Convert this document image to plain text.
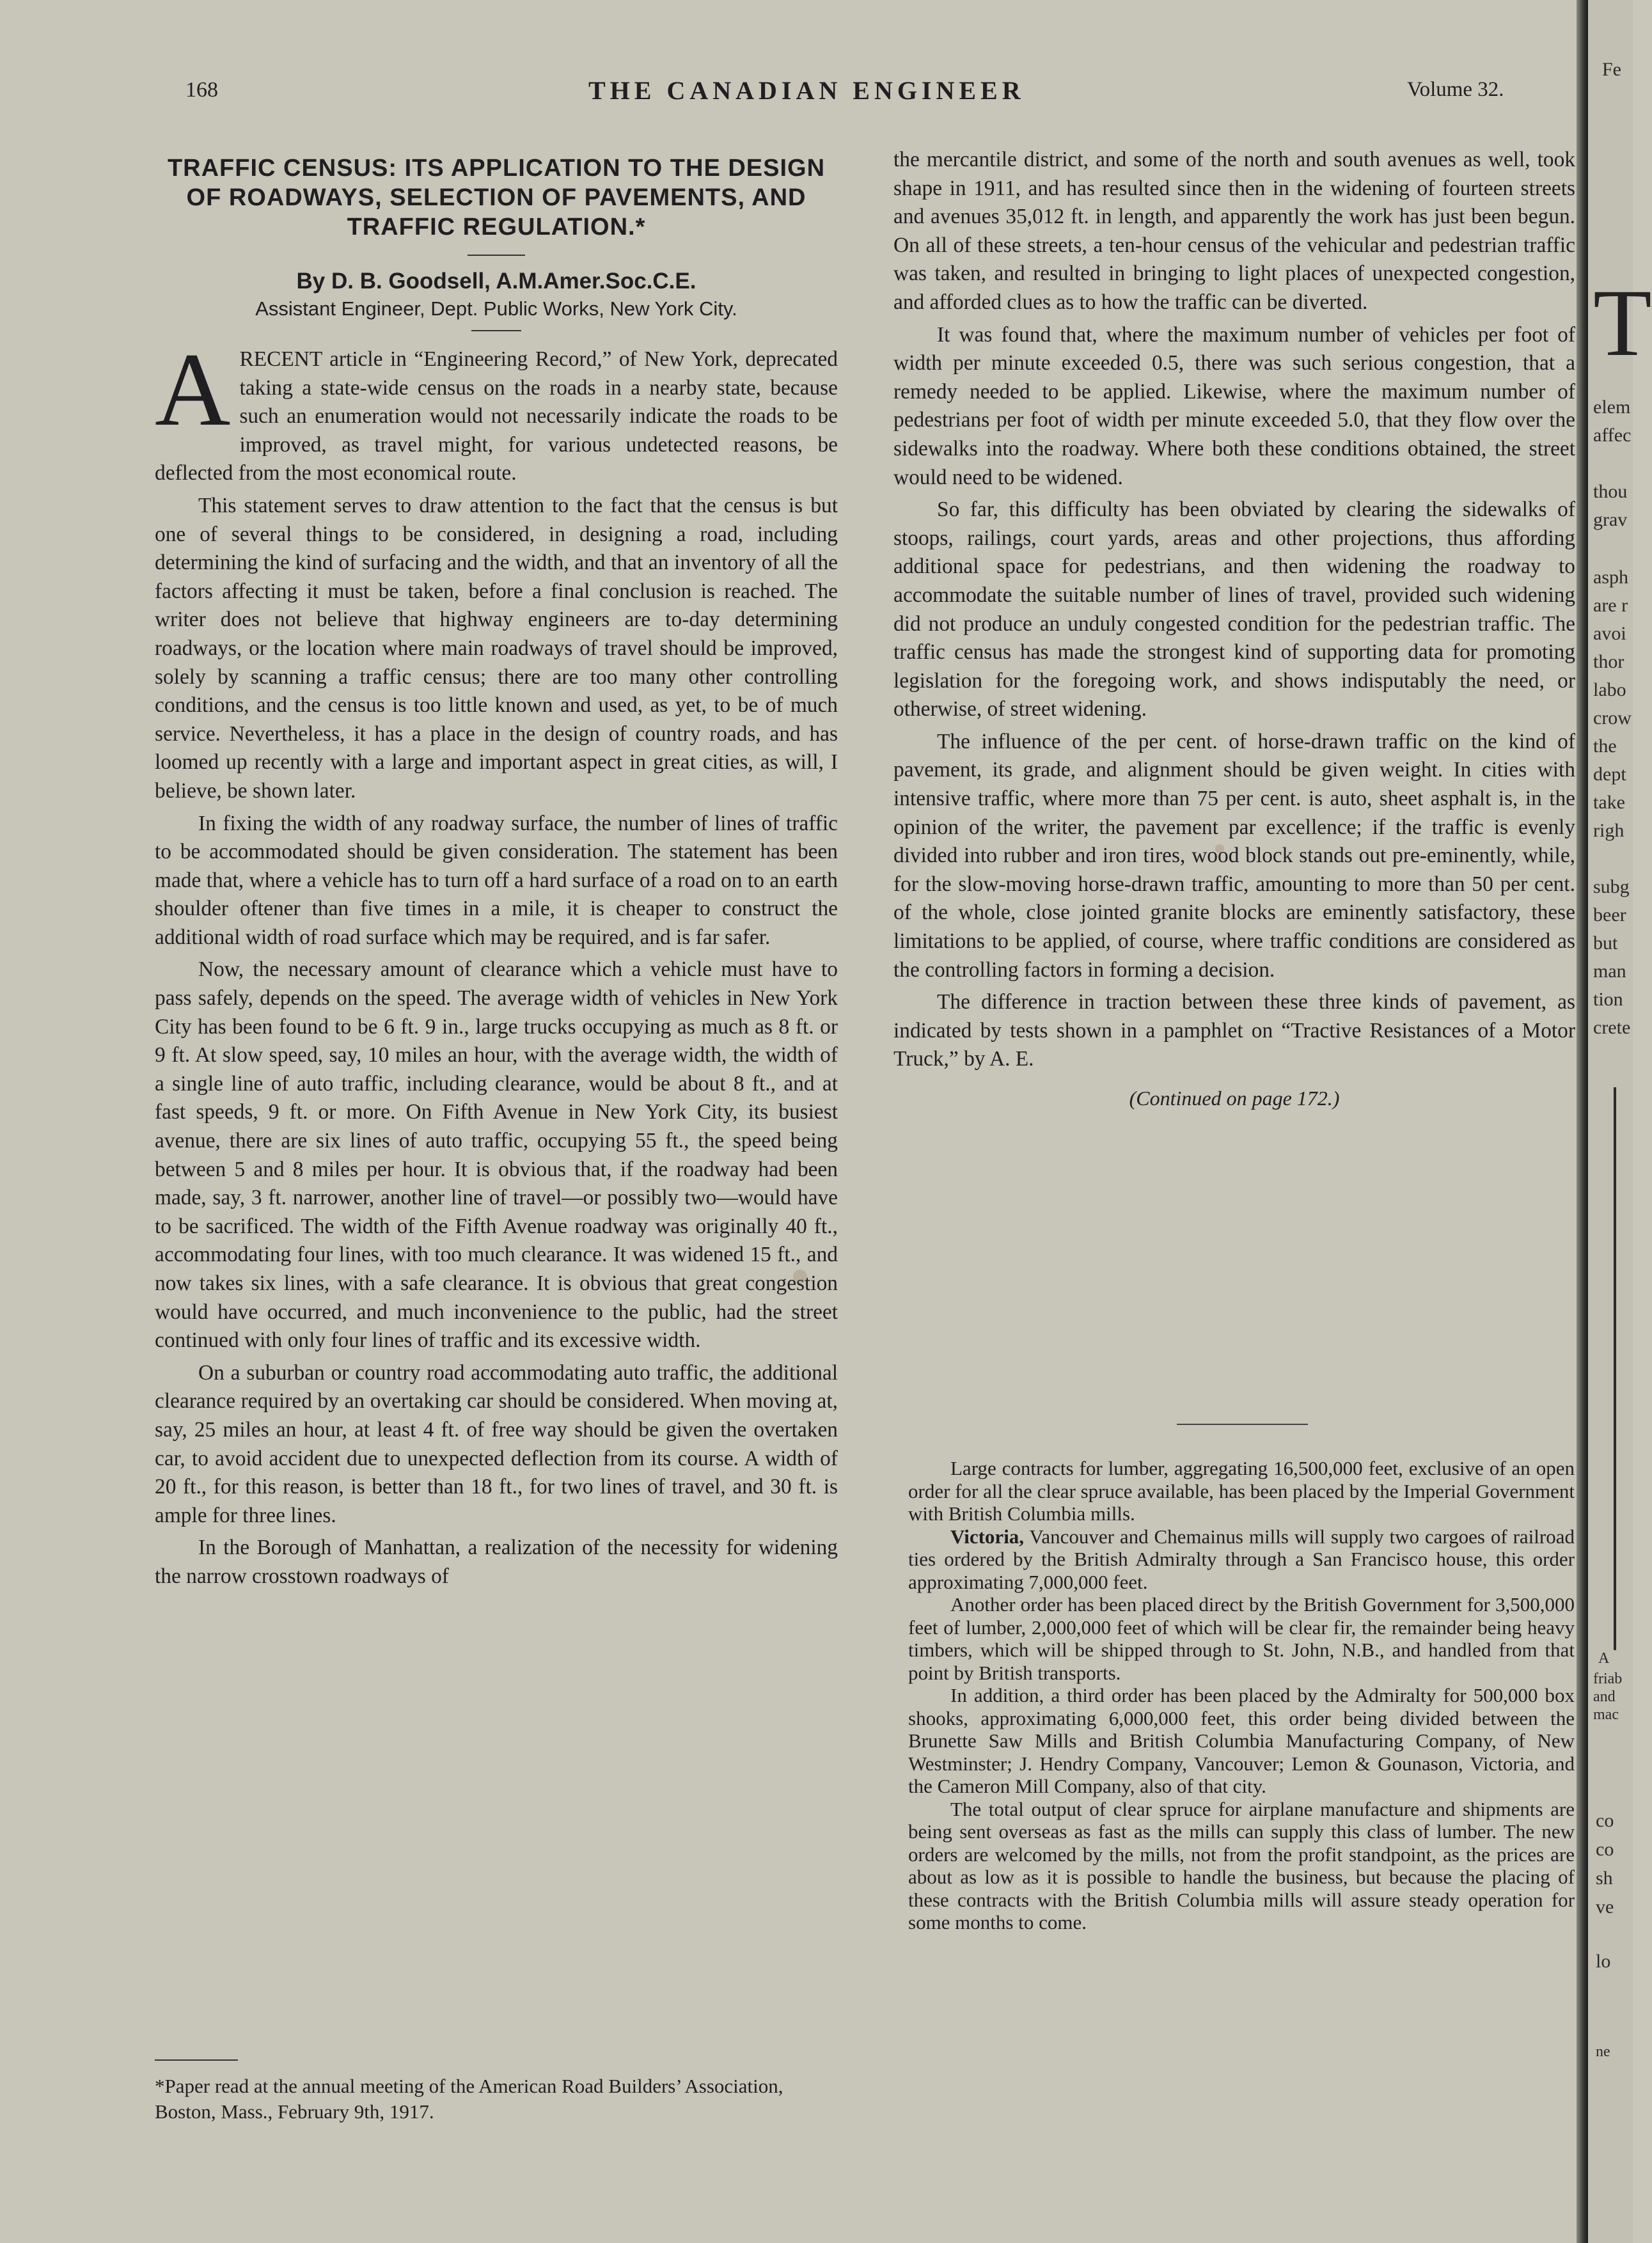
168	THE CANADIAN ENGINEER	Volume 32.
TRAFFIC CENSUS: ITS APPLICATION TO THE DESIGN OF ROADWAYS, SELECTION OF PAVEMENTS, AND TRAFFIC REGULATION.*
By D. B. Goodsell, A.M.Amer.Soc.C.E.
Assistant Engineer, Dept. Public Works, New York City.

ARECENT article in “Engineering Record,” of New York, deprecated taking a state-wide census on the roads in a nearby state, because such an enumeration would not necessarily indicate the roads to be improved, as travel might, for various undetected reasons, be deflected from the most economical route.

This statement serves to draw attention to the fact that the census is but one of several things to be considered, in designing a road, including determining the kind of surfacing and the width, and that an inventory of all the factors affecting it must be taken, before a final conclusion is reached. The writer does not believe that highway engineers are to-day determining roadways, or the location where main roadways of travel should be improved, solely by scanning a traffic census; there are too many other controlling conditions, and the census is too little known and used, as yet, to be of much service. Nevertheless, it has a place in the design of country roads, and has loomed up recently with a large and important aspect in great cities, as will, I believe, be shown later.

In fixing the width of any roadway surface, the number of lines of traffic to be accommodated should be given consideration. The statement has been made that, where a vehicle has to turn off a hard surface of a road on to an earth shoulder oftener than five times in a mile, it is cheaper to construct the additional width of road surface which may be required, and is far safer.

Now, the necessary amount of clearance which a vehicle must have to pass safely, depends on the speed. The average width of vehicles in New York City has been found to be 6 ft. 9 in., large trucks occupying as much as 8 ft. or 9 ft. At slow speed, say, 10 miles an hour, with the average width, the width of a single line of auto traffic, including clearance, would be about 8 ft., and at fast speeds, 9 ft. or more. On Fifth Avenue in New York City, its busiest avenue, there are six lines of auto traffic, occupying 55 ft., the speed being between 5 and 8 miles per hour. It is obvious that, if the roadway had been made, say, 3 ft. narrower, another line of travel—or possibly two—would have to be sacrificed. The width of the Fifth Avenue roadway was originally 40 ft., accommodating four lines, with too much clearance. It was widened 15 ft., and now takes six lines, with a safe clearance. It is obvious that great congestion would have occurred, and much inconvenience to the public, had the street continued with only four lines of traffic and its excessive width.

On a suburban or country road accommodating auto traffic, the additional clearance required by an overtaking car should be considered. When moving at, say, 25 miles an hour, at least 4 ft. of free way should be given the overtaken car, to avoid accident due to unexpected deflection from its course. A width of 20 ft., for this reason, is better than 18 ft., for two lines of travel, and 30 ft. is ample for three lines.

In the Borough of Manhattan, a realization of the necessity for widening the narrow crosstown roadways of

*Paper read at the annual meeting of the American Road Builders’ Association, Boston, Mass., February 9th, 1917.

the mercantile district, and some of the north and south avenues as well, took shape in 1911, and has resulted since then in the widening of fourteen streets and avenues 35,012 ft. in length, and apparently the work has just been begun. On all of these streets, a ten-hour census of the vehicular and pedestrian traffic was taken, and resulted in bringing to light places of unexpected congestion, and afforded clues as to how the traffic can be diverted.

It was found that, where the maximum number of vehicles per foot of width per minute exceeded 0.5, there was such serious congestion, that a remedy needed to be applied. Likewise, where the maximum number of pedestrians per foot of width per minute exceeded 5.0, that they flow over the sidewalks into the roadway. Where both these conditions obtained, the street would need to be widened.

So far, this difficulty has been obviated by clearing the sidewalks of stoops, railings, court yards, areas and other projections, thus affording additional space for pedestrians, and then widening the roadway to accommodate the suitable number of lines of travel, provided such widening did not produce an unduly congested condition for the pedestrian traffic. The traffic census has made the strongest kind of supporting data for promoting legislation for the foregoing work, and shows indisputably the need, or otherwise, of street widening.

The influence of the per cent. of horse-drawn traffic on the kind of pavement, its grade, and alignment should be given weight. In cities with intensive traffic, where more than 75 per cent. is auto, sheet asphalt is, in the opinion of the writer, the pavement par excellence; if the traffic is evenly divided into rubber and iron tires, wood block stands out pre-eminently, while, for the slow-moving horse-drawn traffic, amounting to more than 50 per cent. of the whole, close jointed granite blocks are eminently satisfactory, these limitations to be applied, of course, where traffic conditions are considered as the controlling factors in forming a decision.

The difference in traction between these three kinds of pavement, as indicated by tests shown in a pamphlet on “Tractive Resistances of a Motor Truck,” by A. E.

(Continued on page 172.)

Large contracts for lumber, aggregating 16,500,000 feet, exclusive of an open order for all the clear spruce available, has been placed by the Imperial Government with British Columbia mills.

Victoria, Vancouver and Chemainus mills will supply two cargoes of railroad ties ordered by the British Admiralty through a San Francisco house, this order approximating 7,000,000 feet.

Another order has been placed direct by the British Government for 3,500,000 feet of lumber, 2,000,000 feet of which will be clear fir, the remainder being heavy timbers, which will be shipped through to St. John, N.B., and handled from that point by British transports.

In addition, a third order has been placed by the Admiralty for 500,000 box shooks, approximating 6,000,000 feet, this order being divided between the Brunette Saw Mills and British Columbia Manufacturing Company, of New Westminster; J. Hendry Company, Vancouver; Lemon & Gounason, Victoria, and the Cameron Mill Company, also of that city.

The total output of clear spruce for airplane manufacture and shipments are being sent overseas as fast as the mills can supply this class of lumber. The new orders are welcomed by the mills, not from the profit standpoint, as the prices are about as low as it is possible to handle the business, but because the placing of these contracts with the British Columbia mills will assure steady operation for some months to come.

Fe
T
elem
affec
thou
grav
asph
are r
avoi
thor
labo
crow
the
dept
take
righ
subg
beer
but
man
tion
crete
A
friab
and
mac
co
co
sh
ve
lo
ne
